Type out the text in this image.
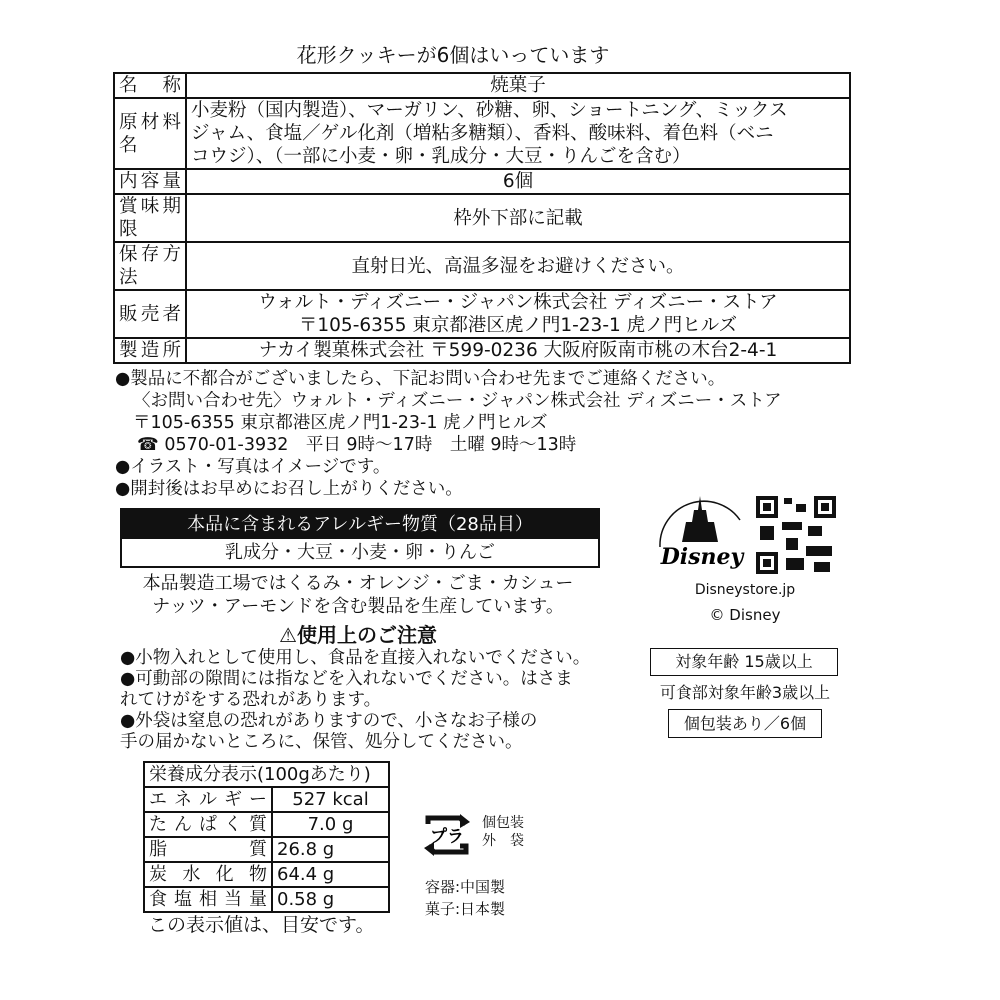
花形クッキーが6個はいっています
名　称	焼菓子
原材料名	小麦粉（国内製造）、マーガリン、砂糖、卵、ショートニング、ミックス
ジャム、食塩／ゲル化剤（増粘多糖類）、香料、酸味料、着色料（ベニ
コウジ）、（一部に小麦・卵・乳成分・大豆・りんごを含む）

内容量	6個
賞味期限	枠外下部に記載
保存方法	直射日光、高温多湿をお避けください。
販売者	ウォルト・ディズニー・ジャパン株式会社 ディズニー・ストア
〒105-6355 東京都港区虎ノ門1-23-1 虎ノ門ヒルズ

製造所	ナカイ製菓株式会社 〒599-0236 大阪府阪南市桃の木台2-4-1
●製品に不都合がございましたら、下記お問い合わせ先までご連絡ください。
〈お問い合わせ先〉ウォルト・ディズニー・ジャパン株式会社 ディズニー・ストア
〒105-6355 東京都港区虎ノ門1-23-1 虎ノ門ヒルズ
☎ 0570-01-3932　平日 9時～17時　土曜 9時～13時
●イラスト・写真はイメージです。
●開封後はお早めにお召し上がりください。
本品に含まれるアレルギー物質（28品目）
乳成分・大豆・小麦・卵・りんご
本品製造工場ではくるみ・オレンジ・ごま・カシュー
ナッツ・アーモンドを含む製品を生産しています。
⚠使用上のご注意
●小物入れとして使用し、食品を直接入れないでください。
●可動部の隙間には指などを入れないでください。はさま
れてけがをする恐れがあります。
●外袋は窒息の恐れがありますので、小さなお子様の
手の届かないところに、保管、処分してください。
栄養成分表示(100gあたり)	
エネルギー	527 kcal
たんぱく質	7.0 g
脂質	26.8 g
炭水化物	64.4 g
食塩相当量	0.58 g
この表示値は、目安です。
プラ
個包装
外　袋
容器:中国製
菓子:日本製
Disney
Disneystore.jp
© Disney
対象年齢 15歳以上
可食部対象年齢3歳以上
個包装あり／6個
